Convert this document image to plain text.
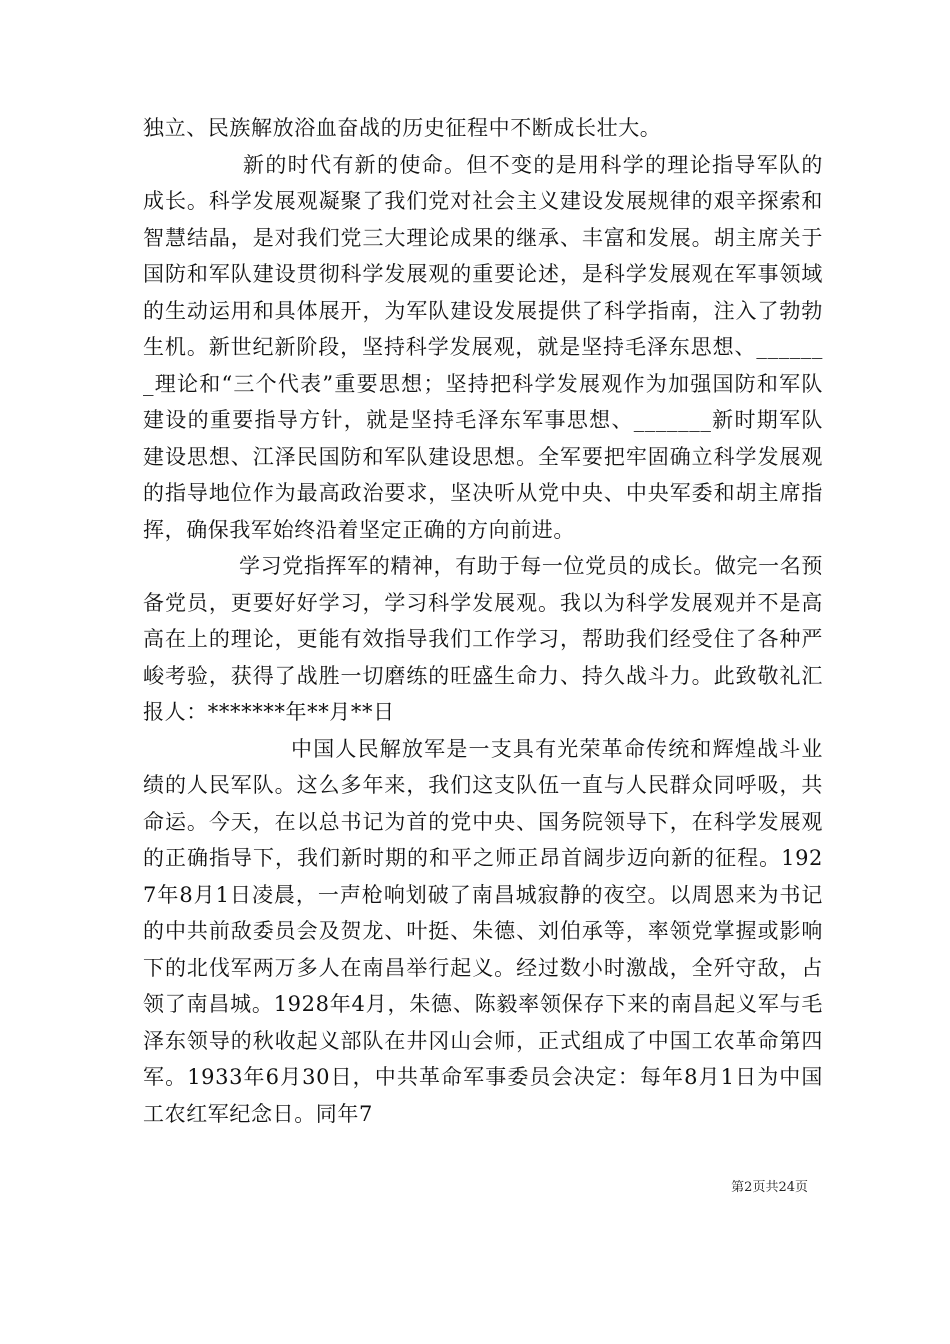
独立、民族解放浴血奋战的历史征程中不断成长壮大。

新的时代有新的使命。但不变的是用科学的理论指导军队的成长。科学发展观凝聚了我们党对社会主义建设发展规律的艰辛探索和智慧结晶，是对我们党三大理论成果的继承、丰富和发展。胡主席关于国防和军队建设贯彻科学发展观的重要论述，是科学发展观在军事领域的生动运用和具体展开，为军队建设发展提供了科学指南，注入了勃勃生机。新世纪新阶段，坚持科学发展观，就是坚持毛泽东思想、_______理论和“三个代表”重要思想；坚持把科学发展观作为加强国防和军队建设的重要指导方针，就是坚持毛泽东军事思想、_______新时期军队建设思想、江泽民国防和军队建设思想。全军要把牢固确立科学发展观的指导地位作为最高政治要求，坚决听从党中央、中央军委和胡主席指挥，确保我军始终沿着坚定正确的方向前进。

学习党指挥军的精神，有助于每一位党员的成长。做完一名预备党员，更要好好学习，学习科学发展观。我以为科学发展观并不是高高在上的理论，更能有效指导我们工作学习，帮助我们经受住了各种严峻考验，获得了战胜一切磨练的旺盛生命力、持久战斗力。此致敬礼汇报人：*******年**月**日

中国人民解放军是一支具有光荣革命传统和辉煌战斗业绩的人民军队。这么多年来，我们这支队伍一直与人民群众同呼吸，共命运。今天，在以总书记为首的党中央、国务院领导下，在科学发展观的正确指导下，我们新时期的和平之师正昂首阔步迈向新的征程。1927年8月1日凌晨，一声枪响划破了南昌城寂静的夜空。以周恩来为书记的中共前敌委员会及贺龙、叶挺、朱德、刘伯承等，率领党掌握或影响下的北伐军两万多人在南昌举行起义。经过数小时激战，全歼守敌，占领了南昌城。1928年4月，朱德、陈毅率领保存下来的南昌起义军与毛泽东领导的秋收起义部队在井冈山会师，正式组成了中国工农革命第四军。1933年6月30日，中共革命军事委员会决定：每年8月1日为中国工农红军纪念日。同年7

第2页共24页
